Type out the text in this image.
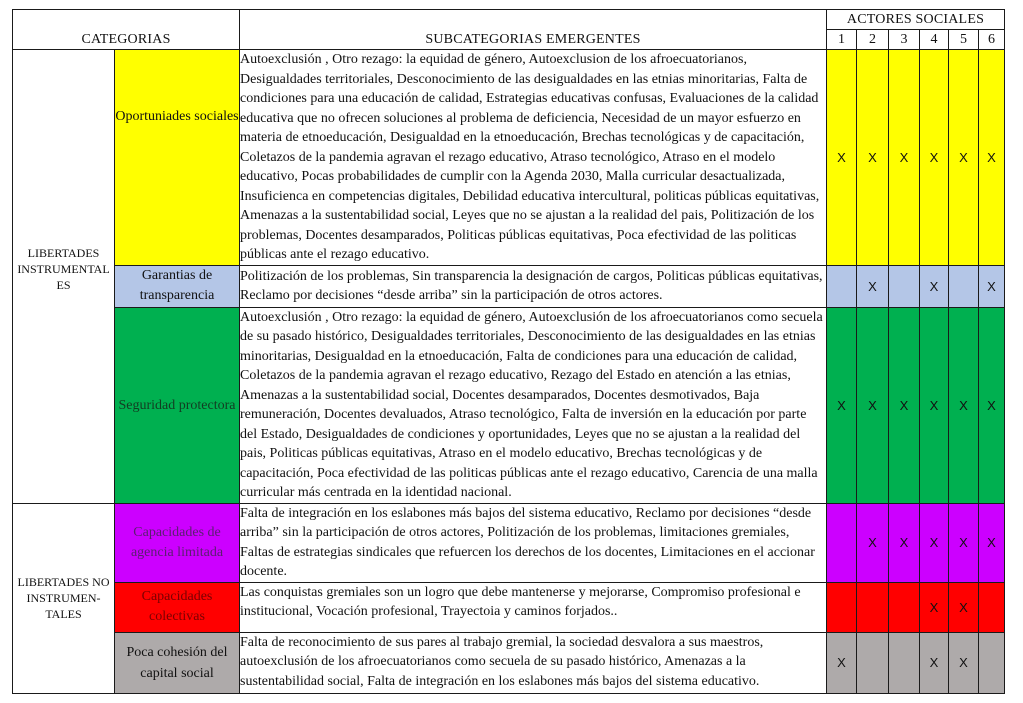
CATEGORIAS		SUBCATEGORIAS EMERGENTES	ACTORES SOCIALES					
			1	2	3	4	5	6

LIBERTADES INSTRUMENTAL ES	Oportuniades sociales	Autoexclusión , Otro rezago: la equidad de género, Autoexclusion de los afroecuatorianos, Desigualdades territoriales, Desconocimiento de las desigualdades en las etnias minoritarias, Falta de condiciones para una educación de calidad, Estrategias educativas confusas, Evaluaciones de la calidad educativa que no ofrecen soluciones al problema de deficiencia, Necesidad de un mayor esfuerzo en materia de etnoeducación, Desigualdad en la etnoeducación, Brechas tecnológicas y de capacitación, Coletazos de la pandemia agravan el rezago educativo, Atraso tecnológico, Atraso en el modelo educativo, Pocas probabilidades de cumplir con la Agenda 2030, Malla curricular desactualizada, Insuficienca en competencias digitales, Debilidad educativa intercultural, politicas públicas equitativas, Amenazas a la sustentabilidad social, Leyes que no se ajustan a la realidad del pais, Politización de los problemas, Docentes desamparados, Politicas públicas equitativas, Poca efectividad de las politicas públicas ante el rezago educativo.	X	X	X	X	X	X
	Garantias de transparencia	Politización de los problemas, Sin transparencia la designación de cargos, Politicas públicas equitativas, Reclamo por decisiones “desde arriba” sin la participación de otros actores.		X		X		X
	Seguridad protectora	Autoexclusión , Otro rezago: la equidad de género, Autoexclusión de los afroecuatorianos como secuela de su pasado histórico, Desigualdades territoriales, Desconocimiento de las desigualdades en las etnias minoritarias, Desigualdad en la etnoeducación, Falta de condiciones para una educación de calidad, Coletazos de la pandemia agravan el rezago educativo, Rezago del Estado en atención a las etnias, Amenazas a la sustentabilidad social, Docentes desamparados, Docentes desmotivados, Baja remuneración, Docentes devaluados, Atraso tecnológico, Falta de inversión en la educación por parte del Estado, Desigualdades de condiciones y oportunidades, Leyes que no se ajustan a la realidad del pais, Politicas públicas equitativas, Atraso en el modelo educativo, Brechas tecnológicas y de capacitación, Poca efectividad de las politicas públicas ante el rezago educativo, Carencia de una malla curricular más centrada en la identidad nacional.	X	X	X	X	X	X

LIBERTADES NO INSTRUMEN- TALES	Capacidades de agencia limitada	Falta de integración en los eslabones más bajos del sistema educativo, Reclamo por decisiones “desde arriba” sin la participación de otros actores, Politización de los problemas, limitaciones gremiales, Faltas de estrategias sindicales que refuercen los derechos de los docentes, Limitaciones en el accionar docente.		X	X	X	X	X
	Capacidades colectivas	Las conquistas gremiales son un logro que debe mantenerse y mejorarse, Compromiso profesional e institucional, Vocación profesional, Trayectoia y caminos forjados..				X	X	
	Poca cohesión del capital social	Falta de reconocimiento de sus pares al trabajo gremial, la sociedad desvalora a sus maestros, autoexclusión de los afroecuatorianos como secuela de su pasado histórico, Amenazas a la sustentabilidad social, Falta de integración en los eslabones más bajos del sistema educativo.	X			X	X	
